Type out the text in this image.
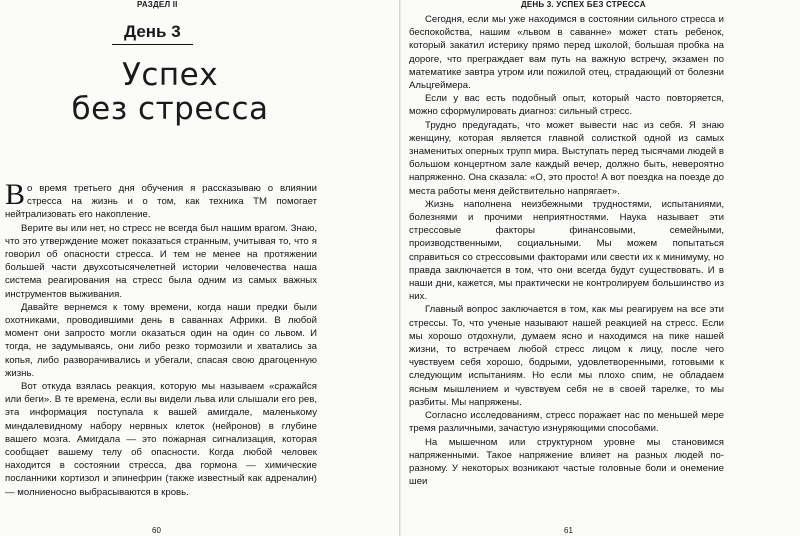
РАЗДЕЛ II
День 3
Успех
без стресса

Во время третьего дня обучения я рассказываю о влиянии стресса на жизнь и о том, как техника ТМ помогает нейтрализовать его накопление.

Верите вы или нет, но стресс не всегда был нашим врагом. Знаю, что это утверждение может показаться странным, учитывая то, что я говорил об опасности стресса. И тем не менее на протяжении большей части двухсотысячелетней истории человечества наша система реагирования на стресс была одним из самых важных инструментов выживания.

Давайте вернемся к тому времени, когда наши предки были охотниками, проводившими день в саваннах Африки. В любой момент они запросто могли оказаться один на один со львом. И тогда, не задумываясь, они либо резко тормозили и хватались за копья, либо разворачивались и убегали, спасая свою драгоценную жизнь.

Вот откуда взялась реакция, которую мы называем «сражайся или беги». В те времена, если вы видели льва или слышали его рев, эта информация поступала к вашей амигдале, маленькому миндалевидному набору нервных клеток (нейронов) в глубине вашего мозга. Амигдала — это пожарная сигнализация, которая сообщает вашему телу об опасности. Когда любой человек находится в состоянии стресса, два гормона — химические посланники кортизол и эпинефрин (также известный как адреналин) — молниеносно выбрасываются в кровь.

60
ДЕНЬ 3. УСПЕХ БЕЗ СТРЕССА

Сегодня, если мы уже находимся в состоянии сильного стресса и беспокойства, нашим «львом в саванне» может стать ребенок, который закатил истерику прямо перед школой, большая пробка на дороге, что преграждает вам путь на важную встречу, экзамен по математике завтра утром или пожилой отец, страдающий от болезни Альцгеймера.

Если у вас есть подобный опыт, который часто повторяется, можно сформулировать диагноз: сильный стресс.

Трудно предугадать, что может вывести нас из себя. Я знаю женщину, которая является главной солисткой одной из самых знаменитых оперных трупп мира. Выступать перед тысячами людей в большом концертном зале каждый вечер, должно быть, невероятно напряженно. Она сказала: «О, это просто! А вот поездка на поезде до места работы меня действительно напрягает».

Жизнь наполнена неизбежными трудностями, испытаниями, болезнями и прочими неприятностями. Наука называет эти стрессовые факторы финансовыми, семейными, производственными, социальными. Мы можем попытаться справиться со стрессовыми факторами или свести их к минимуму, но правда заключается в том, что они всегда будут существовать. И в наши дни, кажется, мы практически не контролируем большинство из них.

Главный вопрос заключается в том, как мы реагируем на все эти стрессы. То, что ученые называют нашей реакцией на стресс. Если мы хорошо отдохнули, думаем ясно и находимся на пике нашей жизни, то встречаем любой стресс лицом к лицу, после чего чувствуем себя хорошо, бодрыми, удовлетворенными, готовыми к следующим испытаниям. Но если мы плохо спим, не обладаем ясным мышлением и чувствуем себя не в своей тарелке, то мы разбиты. Мы напряжены.

Согласно исследованиям, стресс поражает нас по меньшей мере тремя различными, зачастую изнуряющими способами.

На мышечном или структурном уровне мы становимся напряженными. Такое напряжение влияет на разных людей по-разному. У некоторых возникают частые головные боли и онемение шеи

61
